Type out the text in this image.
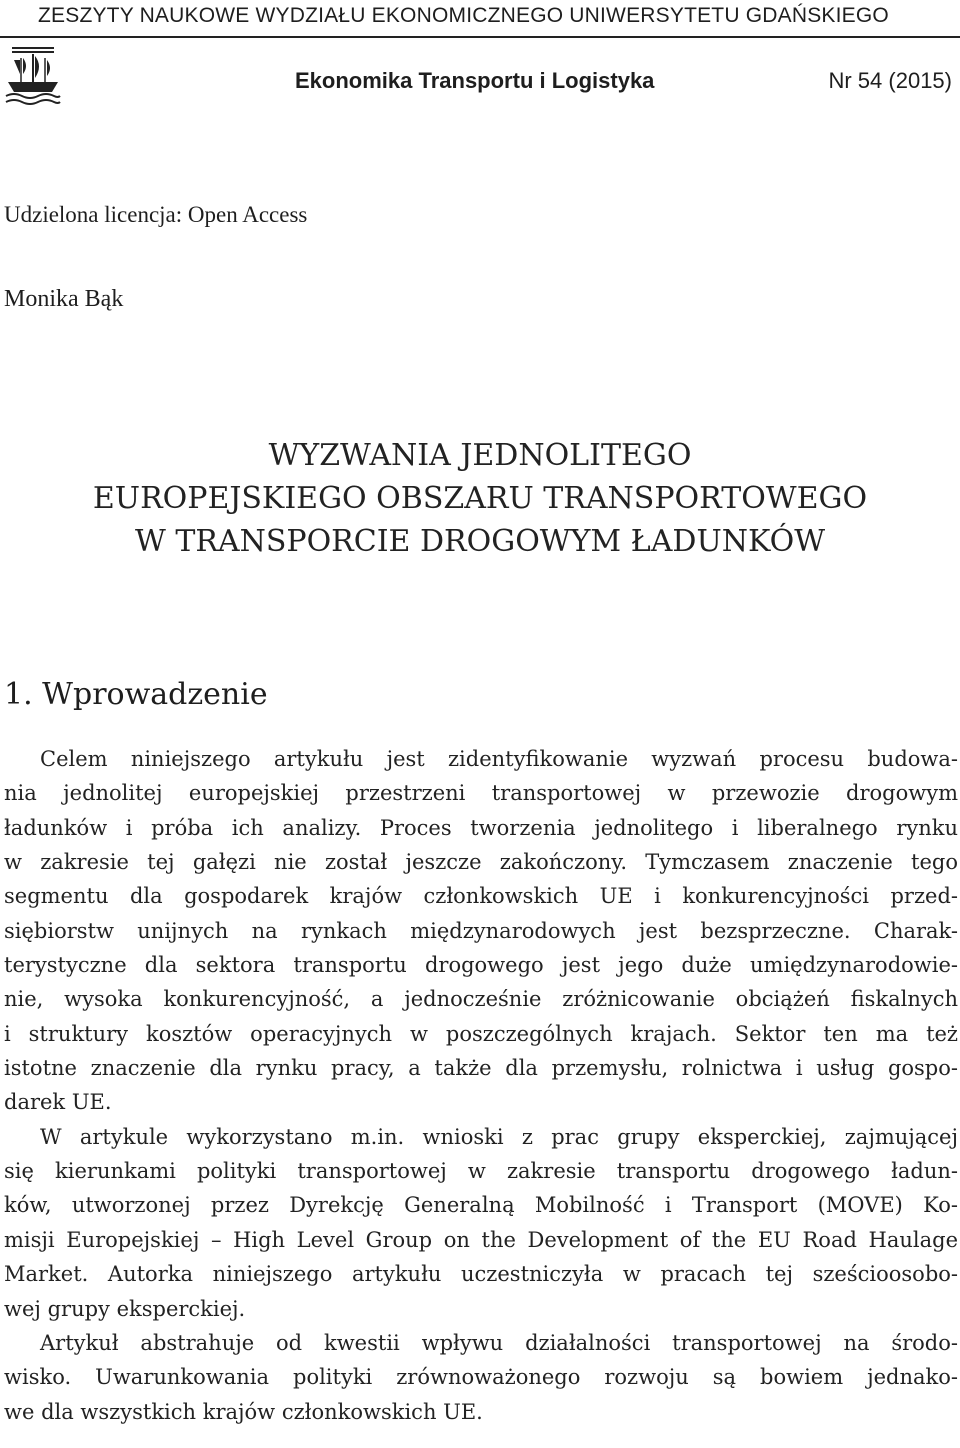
ZESZYTY NAUKOWE WYDZIAŁU EKONOMICZNEGO UNIWERSYTETU GDAŃSKIEGO
Ekonomika Transportu i Logistyka	Nr 54 (2015)
Udzielona licencja: Open Access
Monika Bąk
WYZWANIA JEDNOLITEGO
EUROPEJSKIEGO OBSZARU TRANSPORTOWEGO
W TRANSPORCIE DROGOWYM ŁADUNKÓW
1. Wprowadzenie

Celem niniejszego artykułu jest zidentyfikowanie wyzwań procesu budowa-
nia jednolitej europejskiej przestrzeni transportowej w przewozie drogowym
ładunków i próba ich analizy. Proces tworzenia jednolitego i liberalnego rynku
w zakresie tej gałęzi nie został jeszcze zakończony. Tymczasem znaczenie tego
segmentu dla gospodarek krajów członkowskich UE i konkurencyjności przed-
siębiorstw unijnych na rynkach międzynarodowych jest bezsprzeczne. Charak-
terystyczne dla sektora transportu drogowego jest jego duże umiędzynarodowie-
nie, wysoka konkurencyjność, a jednocześnie zróżnicowanie obciążeń fiskalnych
i struktury kosztów operacyjnych w poszczególnych krajach. Sektor ten ma też
istotne znaczenie dla rynku pracy, a także dla przemysłu, rolnictwa i usług gospo-
darek UE.

W artykule wykorzystano m.in. wnioski z prac grupy eksperckiej, zajmującej
się kierunkami polityki transportowej w zakresie transportu drogowego ładun-
ków, utworzonej przez Dyrekcję Generalną Mobilność i Transport (MOVE) Ko-
misji Europejskiej – High Level Group on the Development of the EU Road Haulage
Market. Autorka niniejszego artykułu uczestniczyła w pracach tej sześcioosobo-
wej grupy eksperckiej.

Artykuł abstrahuje od kwestii wpływu działalności transportowej na środo-
wisko. Uwarunkowania polityki zrównoważonego rozwoju są bowiem jednako-
we dla wszystkich krajów członkowskich UE.
